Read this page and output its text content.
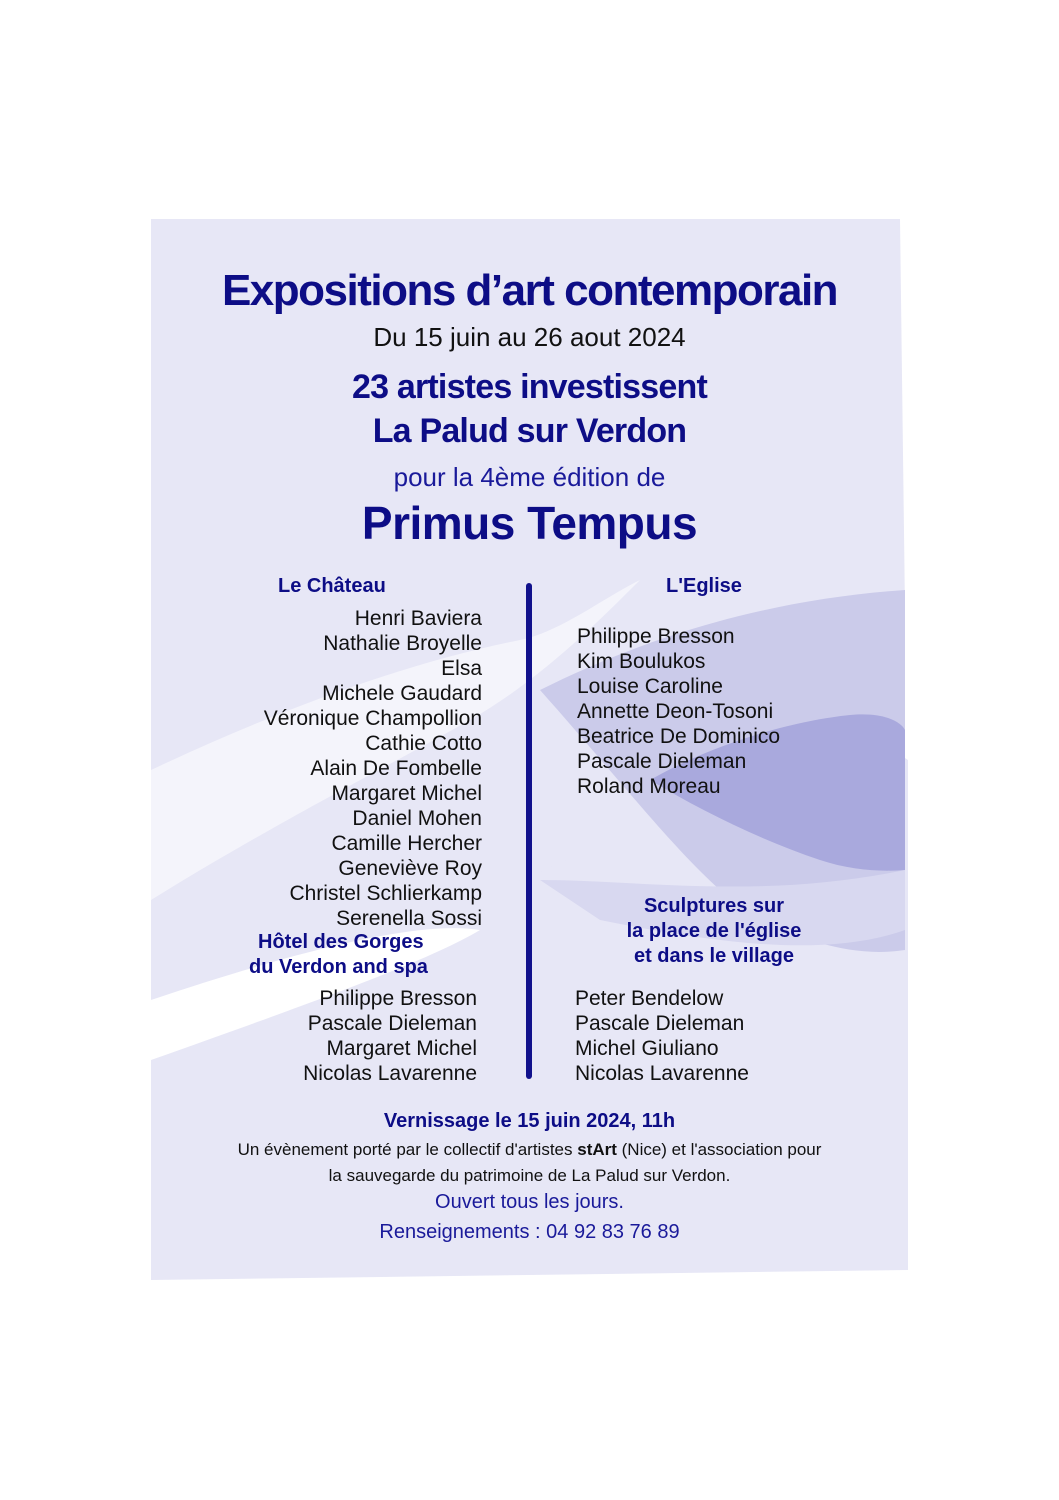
Expositions d’art contemporain
Du 15 juin au 26 aout 2024
23 artistes investissent
La Palud sur Verdon
pour la 4ème édition de
Primus Tempus
Le Château
Henri Baviera
Nathalie Broyelle
Elsa
Michele Gaudard
Véronique Champollion
Cathie Cotto
Alain De Fombelle
Margaret Michel
Daniel Mohen
Camille Hercher
Geneviève Roy
Christel Schlierkamp
Serenella Sossi
Hôtel des Gorges
du Verdon and spa
Philippe Bresson
Pascale Dieleman
Margaret Michel
Nicolas Lavarenne
L'Eglise
Philippe Bresson
Kim Boulukos
Louise Caroline
Annette Deon-Tosoni
Beatrice De Dominico
Pascale Dieleman
Roland Moreau
Sculptures sur
la place de l'église
et dans le village
Peter Bendelow
Pascale Dieleman
Michel Giuliano
Nicolas Lavarenne
Vernissage le 15 juin 2024, 11h
Un évènement porté par le collectif d'artistes stArt (Nice) et l'association pour
la sauvegarde du patrimoine de La Palud sur Verdon.
Ouvert tous les jours.
Renseignements : 04 92 83 76 89
